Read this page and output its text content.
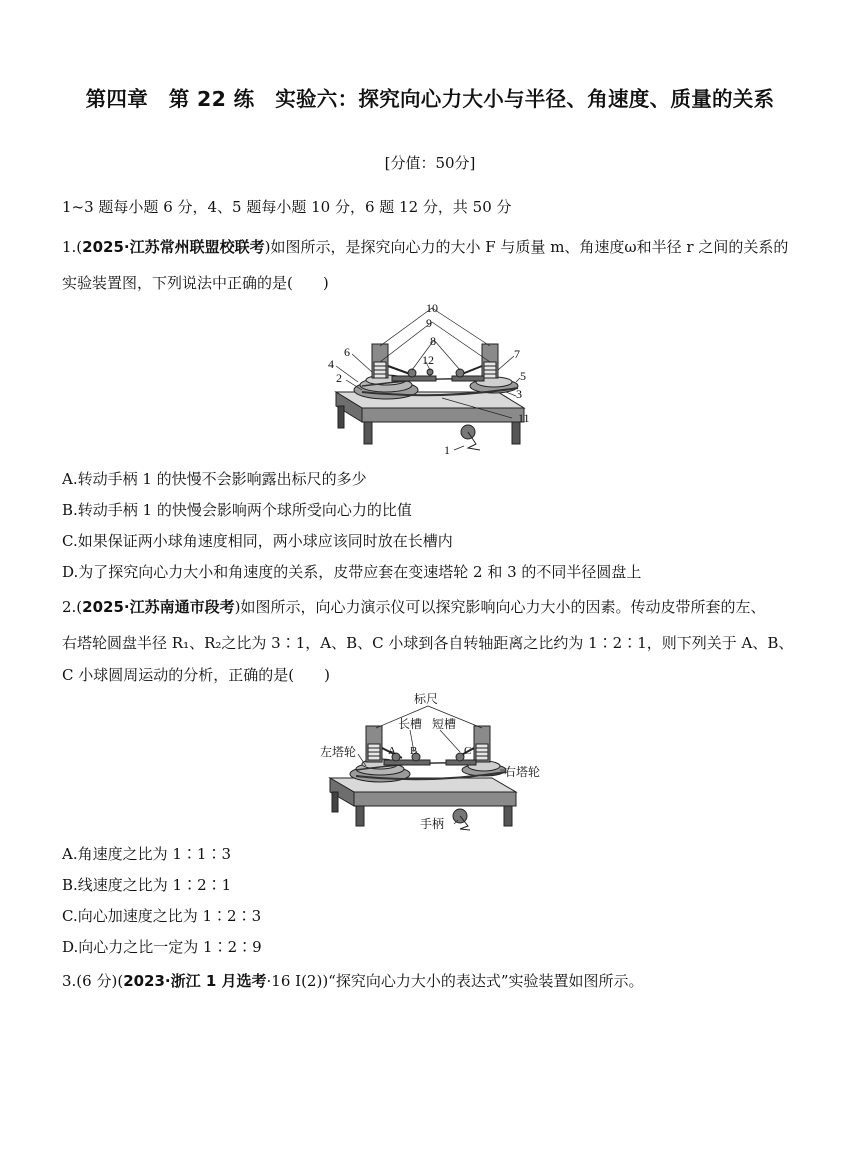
第四章　第 22 练　实验六：探究向心力大小与半径、角速度、质量的关系
[分值：50分]
1~3 题每小题 6 分，4、5 题每小题 10 分，6 题 12 分，共 50 分
1.(2025·江苏常州联盟校联考)如图所示，是探究向心力的大小 F 与质量 m、角速度ω和半径 r 之间的关系的
实验装置图，下列说法中正确的是(　　)
10
9
8
6
12	7
4
5
2
3
11
1
A.转动手柄 1 的快慢不会影响露出标尺的多少
B.转动手柄 1 的快慢会影响两个球所受向心力的比值
C.如果保证两小球角速度相同，两小球应该同时放在长槽内
D.为了探究向心力大小和角速度的关系，皮带应套在变速塔轮 2 和 3 的不同半径圆盘上
2.(2025·江苏南通市段考)如图所示，向心力演示仪可以探究影响向心力大小的因素。传动皮带所套的左、
右塔轮圆盘半径 R₁、R₂之比为 3∶1，A、B、C 小球到各自转轴距离之比约为 1∶2∶1，则下列关于 A、B、
C 小球圆周运动的分析，正确的是(　　)
标尺
长槽 短槽
左塔轮
右塔轮
手柄
A B	C
A.角速度之比为 1∶1∶3
B.线速度之比为 1∶2∶1
C.向心加速度之比为 1∶2∶3
D.向心力之比一定为 1∶2∶9
3.(6 分)(2023·浙江 1 月选考·16 Ⅰ(2))“探究向心力大小的表达式”实验装置如图所示。
